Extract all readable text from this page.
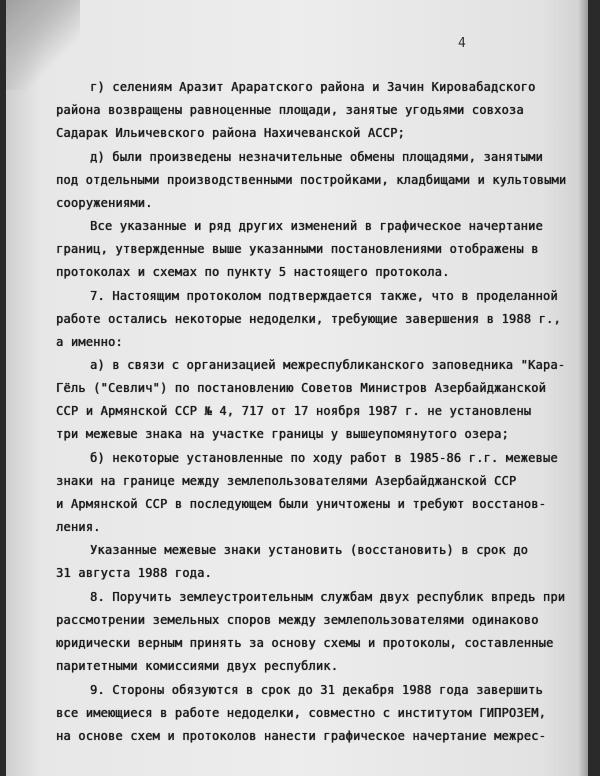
4
г) селениям Аразит Араратского района и Зачин Кировабадского
района возвращены равноценные площади, занятые угодьями совхоза
Садарак Ильичевского района Нахичеванской АССР;
д) были произведены незначительные обмены площадями, занятыми
под отдельными производственными постройками, кладбищами и культовыми
сооружениями.
Все указанные и ряд других изменений в графическое начертание
границ, утвержденные выше указанными постановлениями отображены в
протоколах и схемах по пункту 5 настоящего протокола.
7. Настоящим протоколом подтверждается также, что в проделанной
работе остались некоторые недоделки, требующие завершения в 1988 г.,
а именно:
а) в связи с организацией межреспубликанского заповедника "Кара-
Гёль ("Севлич") по постановлению Советов Министров Азербайджанской
ССР и Армянской ССР № 4, 717 от 17 ноября 1987 г. не установлены
три межевые знака на участке границы у вышеупомянутого озера;
б) некоторые установленные по ходу работ в 1985-86 г.г. межевые
знаки на границе между землепользователями Азербайджанской ССР
и Армянской ССР в последующем были уничтожены и требуют восстанов-
ления.
Указанные межевые знаки установить (восстановить) в срок до
31 августа 1988 года.
8. Поручить землеустроительным службам двух республик впредь при
рассмотрении земельных споров между землепользователями одинаково
юридически верным принять за основу схемы и протоколы, составленные
паритетными комиссиями двух республик.
9. Стороны обязуются в срок до 31 декабря 1988 года завершить
все имеющиеся в работе недоделки, совместно с институтом ГИПРОЗЕМ,
на основе схем и протоколов нанести графическое начертание межрес-
